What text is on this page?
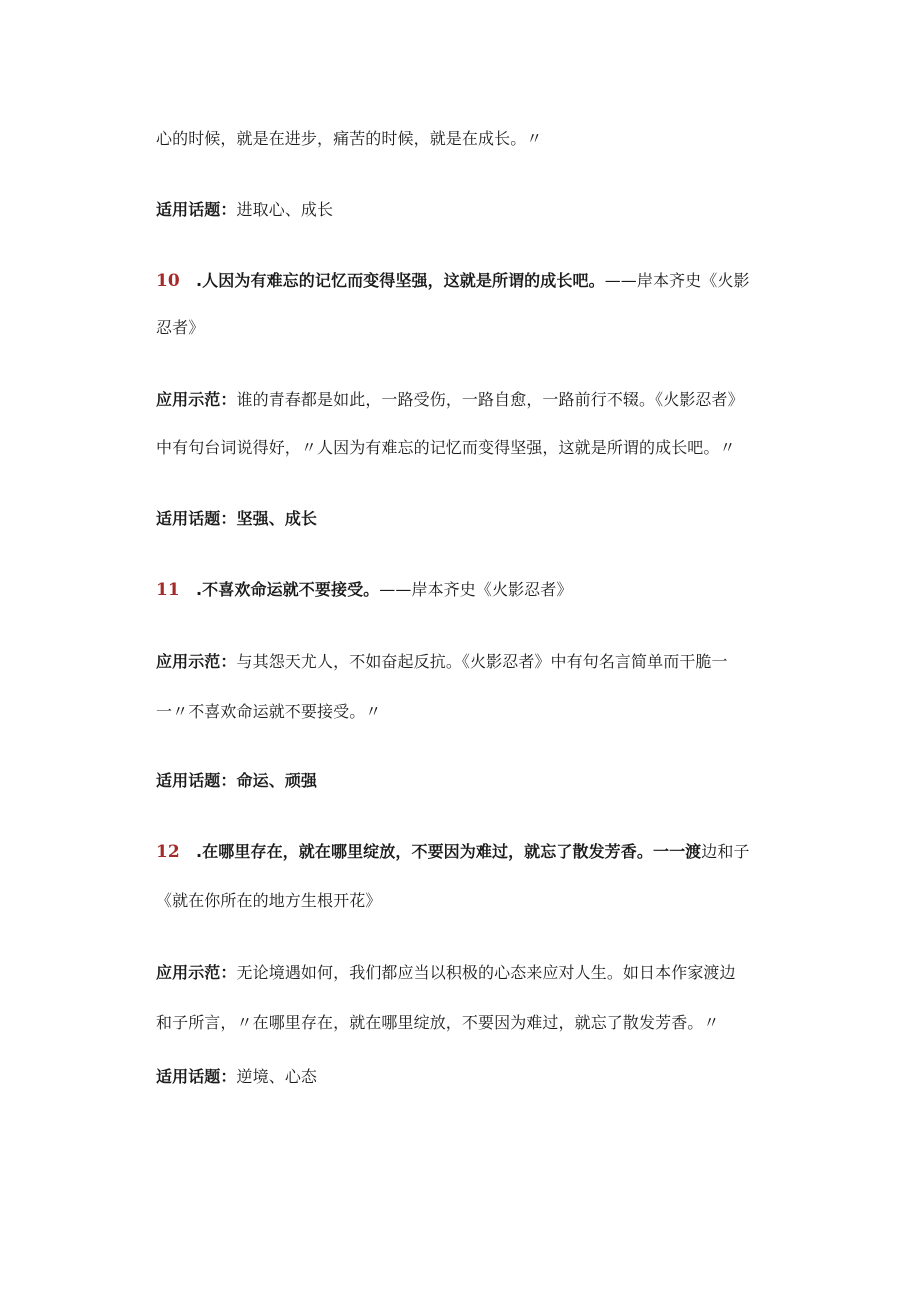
心的时候，就是在进步，痛苦的时候，就是在成长。〃
适用话题：进取心、成长
10 .人因为有难忘的记忆而变得坚强，这就是所谓的成长吧。——岸本齐史《火影
忍者》
应用示范：谁的青春都是如此，一路受伤，一路自愈，一路前行不辍。《火影忍者》
中有句台词说得好，〃人因为有难忘的记忆而变得坚强，这就是所谓的成长吧。〃
适用话题：坚强、成长
11 .不喜欢命运就不要接受。——岸本齐史《火影忍者》
应用示范：与其怨天尤人，不如奋起反抗。《火影忍者》中有句名言简单而干脆一
一〃不喜欢命运就不要接受。〃
适用话题：命运、顽强
12 .在哪里存在，就在哪里绽放，不要因为难过，就忘了散发芳香。一一渡边和子
《就在你所在的地方生根开花》
应用示范：无论境遇如何，我们都应当以积极的心态来应对人生。如日本作家渡边
和子所言，〃在哪里存在，就在哪里绽放，不要因为难过，就忘了散发芳香。〃
适用话题：逆境、心态
